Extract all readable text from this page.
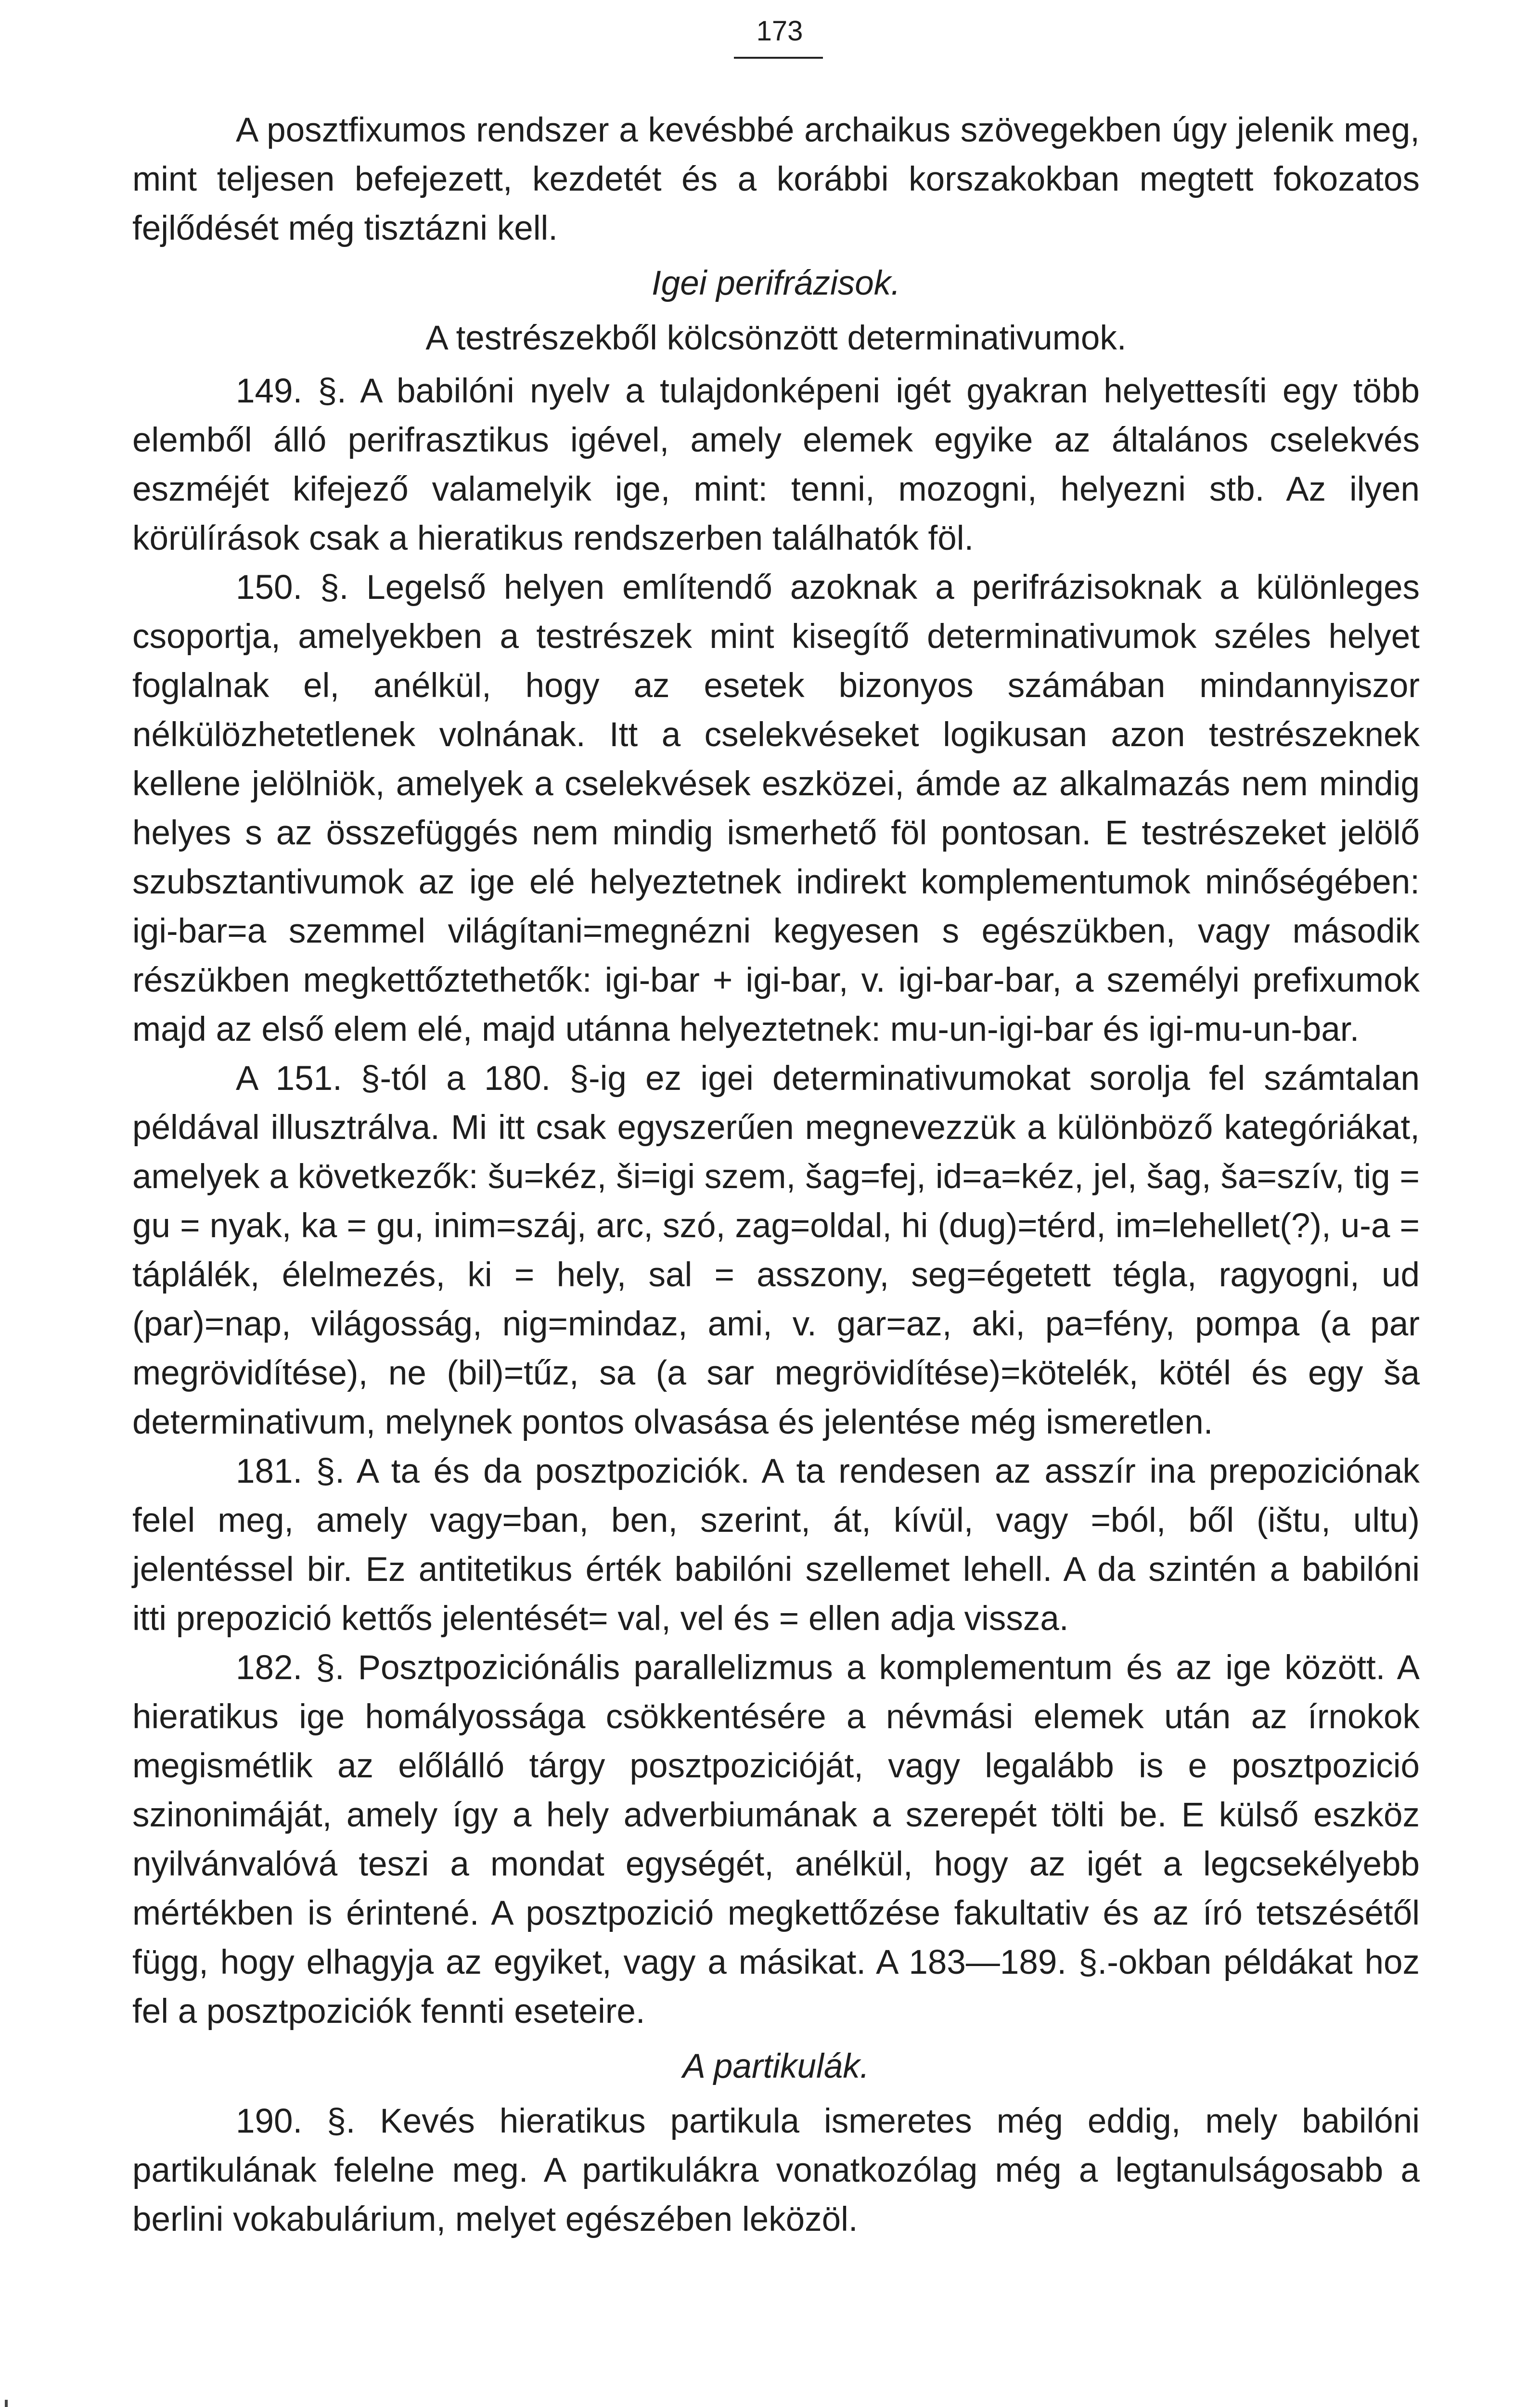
173

A posztfixumos rendszer a kevésbbé archaikus szövegekben úgy jelenik meg, mint teljesen befejezett, kezdetét és a korábbi korszakokban megtett fokozatos fejlődését még tisztázni kell.

Igei perifrázisok.

A testrészekből kölcsönzött determinativumok.

149. §. A babilóni nyelv a tulajdonképeni igét gyakran helyettesíti egy több elemből álló perifrasztikus igével, amely elemek egyike az általános cselekvés eszméjét kifejező valamelyik ige, mint: tenni, mozogni, helyezni stb. Az ilyen körülírások csak a hieratikus rendszerben találhatók föl.

150. §. Legelső helyen említendő azoknak a perifrázisoknak a különleges csoportja, amelyekben a testrészek mint kisegítő determinativumok széles helyet foglalnak el, anélkül, hogy az esetek bizonyos számában mindannyiszor nélkülözhetetlenek volnának. Itt a cselekvéseket logikusan azon testrészeknek kellene jelölniök, amelyek a cselekvések eszközei, ámde az alkalmazás nem mindig helyes s az összefüggés nem mindig ismerhető föl pontosan. E testrészeket jelölő szubsztantivumok az ige elé helyeztetnek indirekt komplementumok minőségében: igi-bar=a szemmel világítani=megnézni kegyesen s egészükben, vagy második részükben megkettőztethetők: igi-bar + igi-bar, v. igi-bar-bar, a személyi prefixumok majd az első elem elé, majd utánna helyeztetnek: mu-un-igi-bar és igi-mu-un-bar.

A 151. §-tól a 180. §-ig ez igei determinativumokat sorolja fel számtalan példával illusztrálva. Mi itt csak egyszerűen megnevezzük a különböző kategóriákat, amelyek a következők: šu=kéz, ši=igi szem, šag=fej, id=a=kéz, jel, šag, ša=szív, tig = gu = nyak, ka = gu, inim=száj, arc, szó, zag=oldal, hi (dug)=térd, im=lehellet(?), u-a = táplálék, élelmezés, ki = hely, sal = asszony, seg=égetett tégla, ragyogni, ud (par)=nap, világosság, nig=mindaz, ami, v. gar=az, aki, pa=fény, pompa (a par megrövidítése), ne (bil)=tűz, sa (a sar megrövidítése)=kötelék, kötél és egy ša determinativum, melynek pontos olvasása és jelentése még ismeretlen.

181. §. A ta és da posztpoziciók. A ta rendesen az asszír ina prepoziciónak felel meg, amely vagy=ban, ben, szerint, át, kívül, vagy =ból, ből (ištu, ultu) jelentéssel bir. Ez antitetikus érték babilóni szellemet lehell. A da szintén a babilóni itti prepozició kettős jelentését= val, vel és = ellen adja vissza.

182. §. Posztpoziciónális parallelizmus a komplementum és az ige között. A hieratikus ige homályossága csökkentésére a névmási elemek után az írnokok megismétlik az előlálló tárgy posztpozicióját, vagy legalább is e posztpozició szinonimáját, amely így a hely adverbiumának a szerepét tölti be. E külső eszköz nyilvánvalóvá teszi a mondat egységét, anélkül, hogy az igét a legcsekélyebb mértékben is érintené. A posztpozició megkettőzése fakultativ és az író tetszésétől függ, hogy elhagyja az egyiket, vagy a másikat. A 183—189. §.-okban példákat hoz fel a posztpoziciók fennti eseteire.

A partikulák.

190. §. Kevés hieratikus partikula ismeretes még eddig, mely babilóni partikulának felelne meg. A partikulákra vonatkozólag még a legtanulságosabb a berlini vokabulárium, melyet egészében leközöl.
